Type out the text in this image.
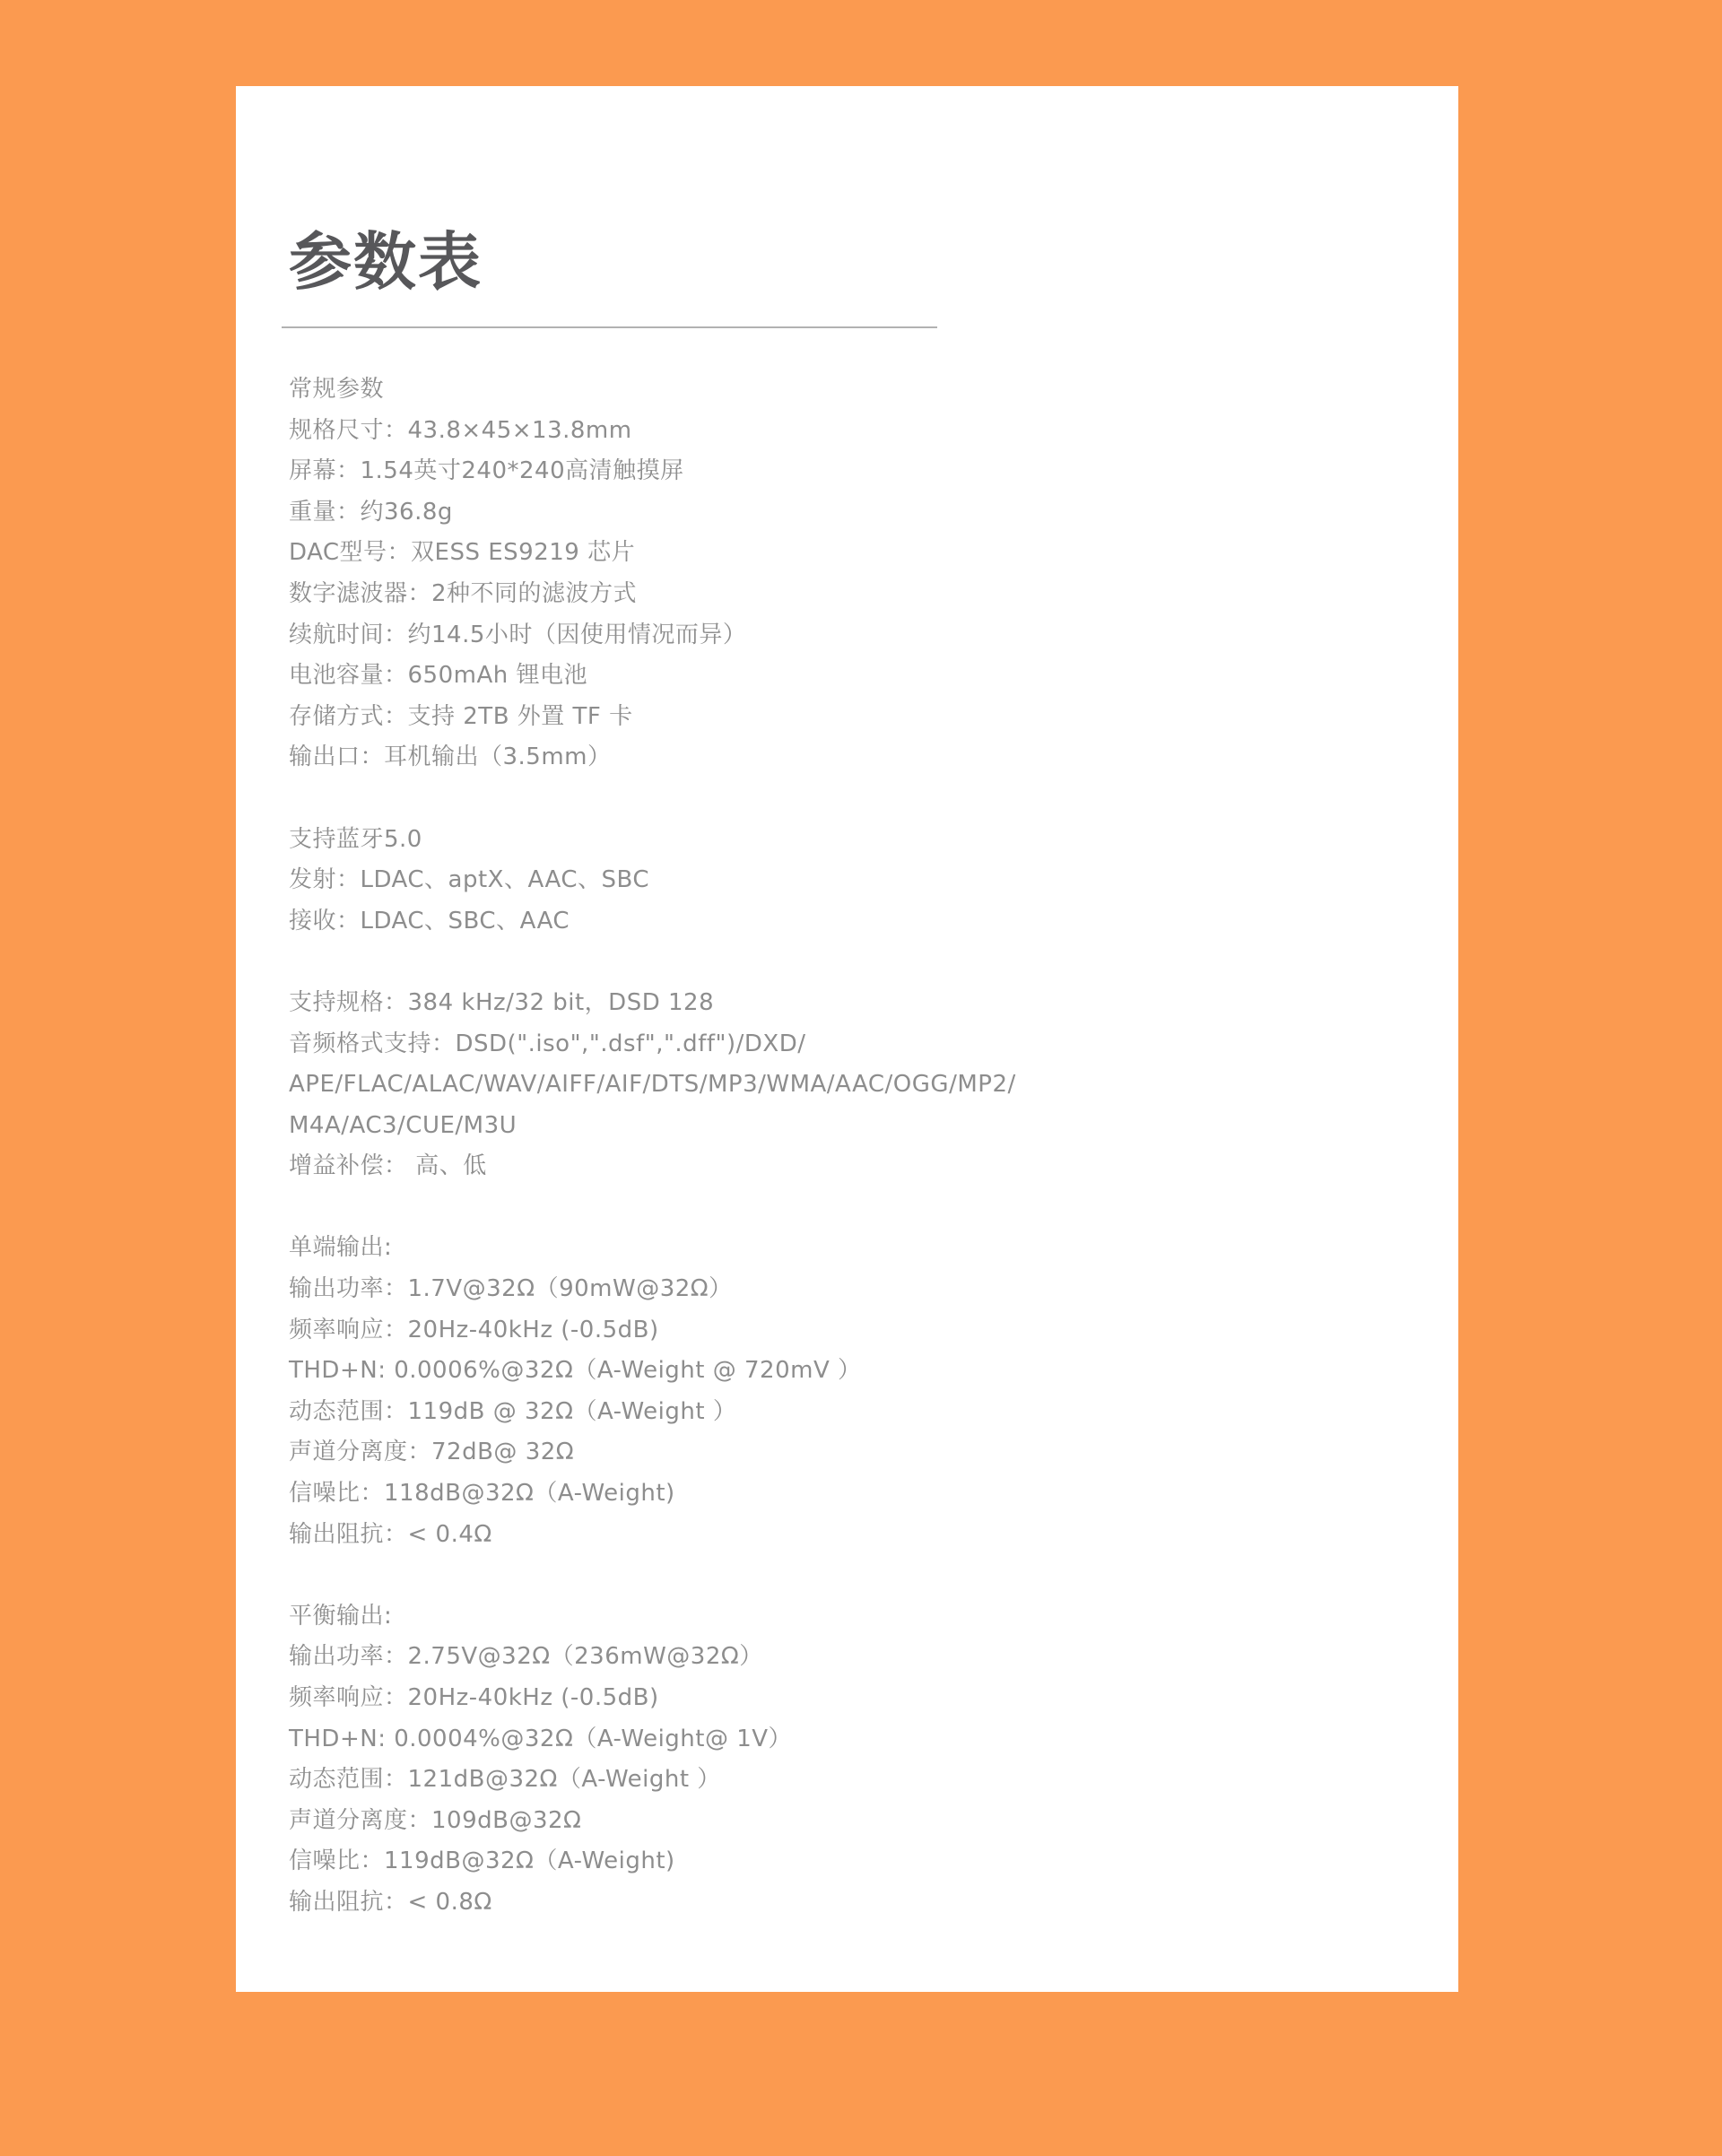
参数表
常规参数
规格尺寸：43.8×45×13.8mm
屏幕：1.54英寸240*240高清触摸屏
重量：约36.8g
DAC型号：双ESS ES9219 芯片
数字滤波器：2种不同的滤波方式
续航时间：约14.5小时（因使用情况而异）
电池容量：650mAh 锂电池
存储方式：支持 2TB 外置 TF 卡
输出口：耳机输出（3.5mm）
支持蓝牙5.0
发射：LDAC、aptX、AAC、SBC
接收：LDAC、SBC、AAC
支持规格：384 kHz/32 bit，DSD 128
音频格式支持：DSD(".iso",".dsf",".dff")/DXD/
APE/FLAC/ALAC/WAV/AIFF/AIF/DTS/MP3/WMA/AAC/OGG/MP2/
M4A/AC3/CUE/M3U
增益补偿： 高、低
单端输出:
输出功率：1.7V@32Ω（90mW@32Ω）
频率响应：20Hz-40kHz (-0.5dB)
THD+N: 0.0006%@32Ω（A-Weight @ 720mV ）
动态范围：119dB @ 32Ω（A-Weight ）
声道分离度：72dB@ 32Ω
信噪比：118dB@32Ω（A-Weight)
输出阻抗：< 0.4Ω
平衡输出:
输出功率：2.75V@32Ω（236mW@32Ω）
频率响应：20Hz-40kHz (-0.5dB)
THD+N: 0.0004%@32Ω（A-Weight@ 1V）
动态范围：121dB@32Ω（A-Weight ）
声道分离度：109dB@32Ω
信噪比：119dB@32Ω（A-Weight)
输出阻抗：< 0.8Ω
